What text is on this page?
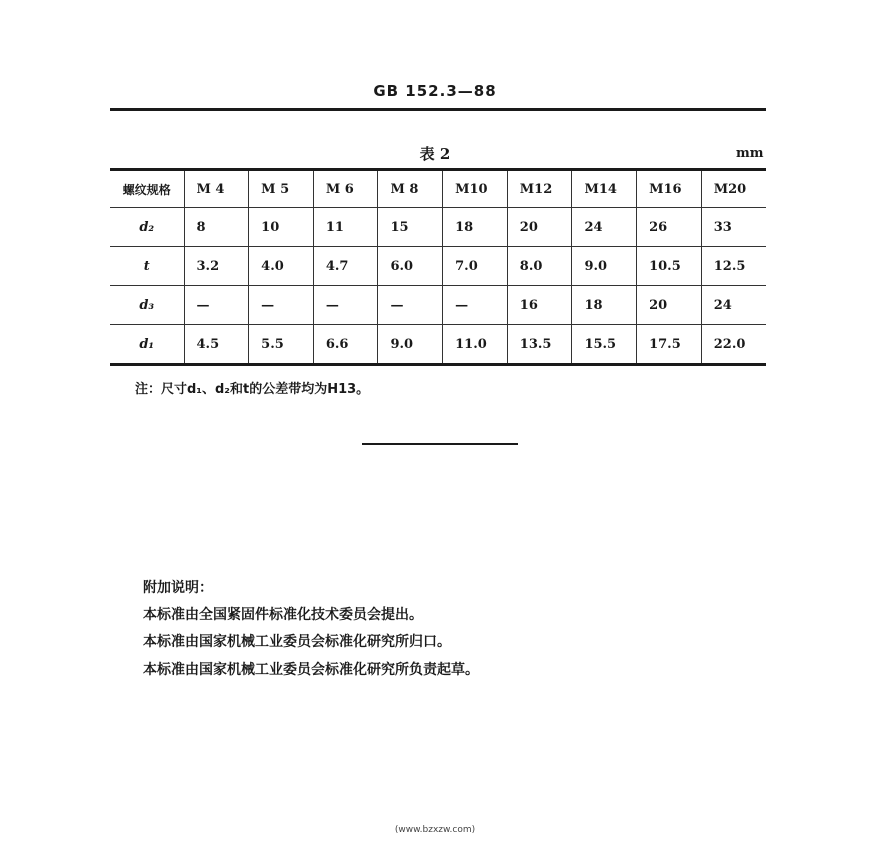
GB 152.3—88
表 2	mm
螺纹规格	M 4	M 5	M 6	M 8	M10	M12	M14	M16	M20
d₂	8	10	11	15	18	20	24	26	33
t	3.2	4.0	4.7	6.0	7.0	8.0	9.0	10.5	12.5
d₃	—	—	—	—	—	16	18	20	24
d₁	4.5	5.5	6.6	9.0	11.0	13.5	15.5	17.5	22.0
注：尺寸d₁、d₂和t的公差带均为H13。
附加说明：
本标准由全国紧固件标准化技术委员会提出。
本标准由国家机械工业委员会标准化研究所归口。
本标准由国家机械工业委员会标准化研究所负责起草。
(www.bzxzw.com)
